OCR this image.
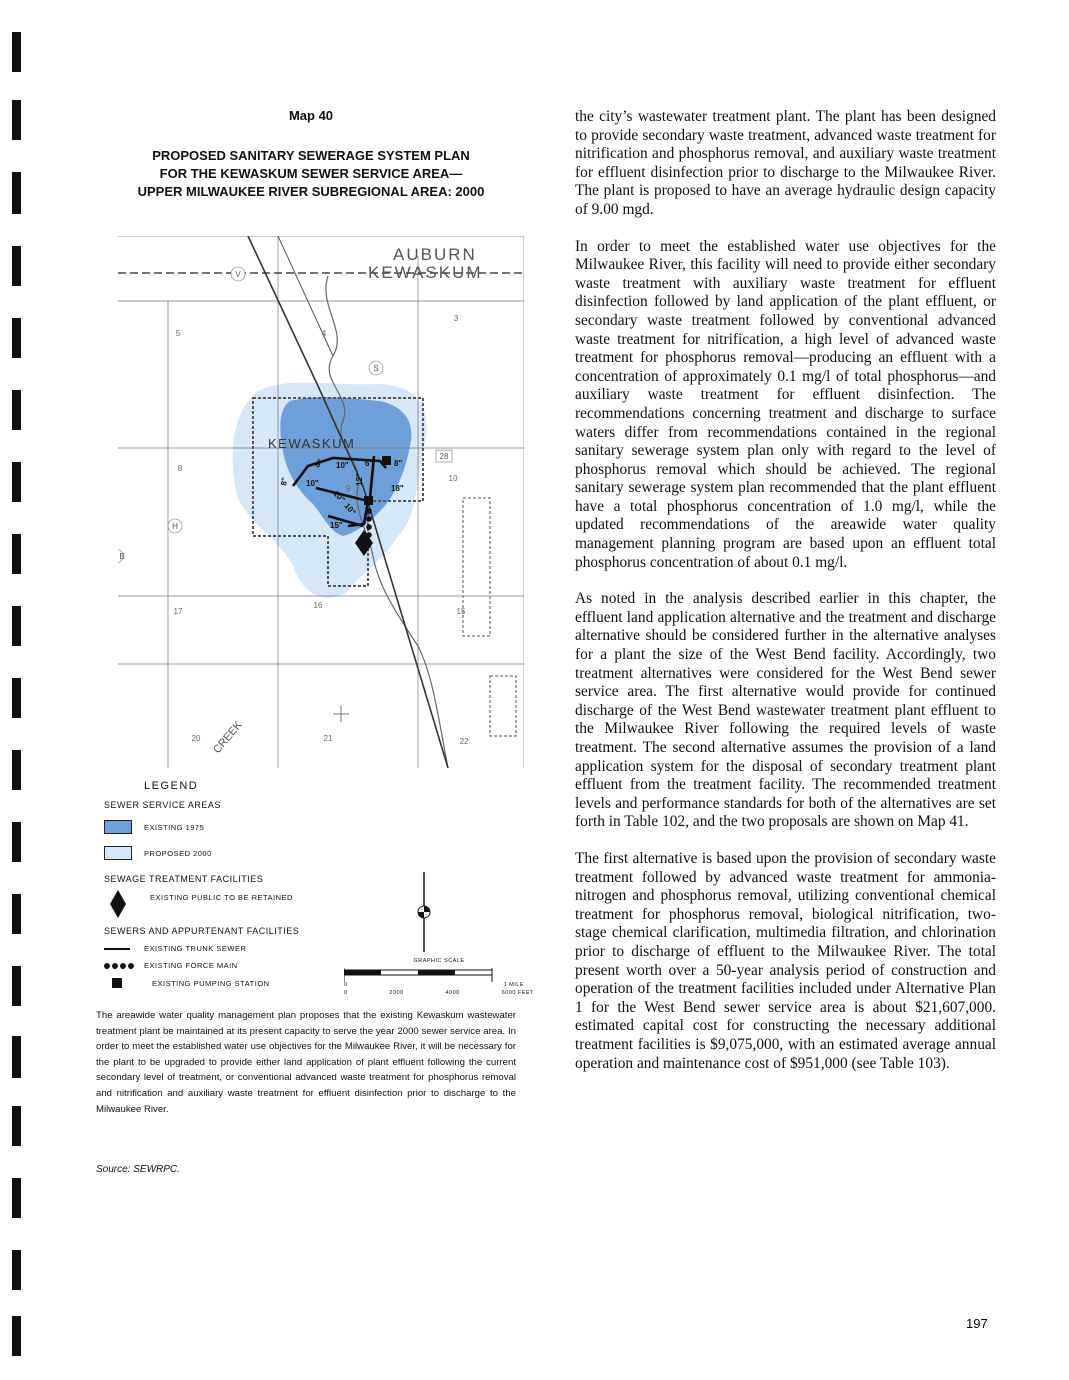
Map 40
PROPOSED SANITARY SEWERAGE SYSTEM PLAN
FOR THE KEWASKUM SEWER SERVICE AREA—
UPPER MILWAUKEE RIVER SUBREGIONAL AREA: 2000
AUBURN
KEWASKUM
KEWASKUM
CREEK
V
S
28
H
B
5	4
3
8
9
10
17
16
15
20	21	22
8"
10" 6"	8"
8"
10"
10"
12"
18"
15"
10"
LEGEND
SEWER SERVICE AREAS
EXISTING 1975
PROPOSED 2000
SEWAGE TREATMENT FACILITIES
EXISTING PUBLIC TO BE RETAINED
SEWERS AND APPURTENANT FACILITIES
EXISTING TRUNK SEWER
EXISTING FORCE MAIN
EXISTING PUMPING STATION
GRAPHIC SCALE
0	1 MILE
0	2000	4000	6000 FEET
The areawide water quality management plan proposes that the existing Kewaskum wastewater treatment plant be maintained at its present capacity to serve the year 2000 sewer service area. In order to meet the established water use objectives for the Milwaukee River, it will be necessary for the plant to be upgraded to provide either land application of plant effluent following the current secondary level of treatment, or conventional advanced waste treatment for phosphorus removal and nitrification and auxiliary waste treatment for effluent disinfection prior to discharge to the Milwaukee River.
Source: SEWRPC.

the city’s wastewater treatment plant. The plant has been designed to provide secondary waste treatment, advanced waste treatment for nitrification and phosphorus removal, and auxiliary waste treatment for effluent disinfection prior to discharge to the Milwaukee River. The plant is proposed to have an average hydraulic design capacity of 9.00 mgd.

In order to meet the established water use objectives for the Milwaukee River, this facility will need to provide either secondary waste treatment with auxiliary waste treatment for effluent disinfection followed by land application of the plant effluent, or secondary waste treatment followed by conventional advanced waste treatment for nitrification, a high level of advanced waste treatment for phosphorus removal—producing an effluent with a concentration of approximately 0.1 mg/l of total phosphorus—and auxiliary waste treatment for effluent disinfection. The recommendations concerning treatment and discharge to surface waters differ from recommendations contained in the regional sanitary sewerage system plan only with regard to the level of phosphorus removal which should be achieved. The regional sanitary sewerage system plan recommended that the plant effluent have a total phosphorus concentration of 1.0 mg/l, while the updated recommendations of the areawide water quality management planning program are based upon an effluent total phosphorus concentration of about 0.1 mg/l.

As noted in the analysis described earlier in this chapter, the effluent land application alternative and the treatment and discharge alternative should be considered further in the alternative analyses for a plant the size of the West Bend facility. Accordingly, two treatment alternatives were considered for the West Bend sewer service area. The first alternative would provide for continued discharge of the West Bend wastewater treatment plant effluent to the Milwaukee River following the required levels of waste treatment. The second alternative assumes the provision of a land application system for the disposal of secondary treatment plant effluent from the treatment facility. The recommended treatment levels and performance standards for both of the alternatives are set forth in Table 102, and the two proposals are shown on Map 41.

The first alternative is based upon the provision of secondary waste treatment followed by advanced waste treatment for ammonia-nitrogen and phosphorus removal, utilizing conventional chemical treatment for phosphorus removal, biological nitrification, two-stage chemical clarification, multimedia filtration, and chlorination prior to discharge of effluent to the Milwaukee River. The total present worth over a 50-year analysis period of construction and operation of the treatment facilities included under Alternative Plan 1 for the West Bend sewer service area is about $21,607,000. estimated capital cost for constructing the necessary additional treatment facilities is $9,075,000, with an estimated average annual operation and maintenance cost of $951,000 (see Table 103).

197
